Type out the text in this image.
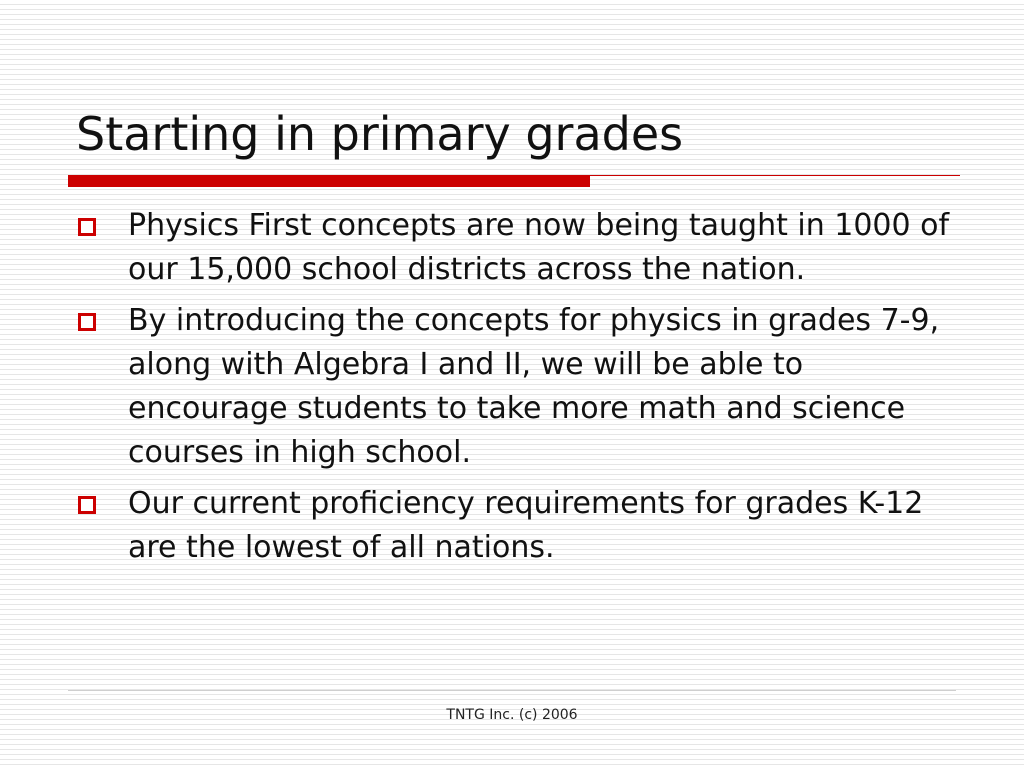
Starting in primary grades
Physics First concepts are now being taught in 1000 of our 15,000 school districts across the nation.
By introducing the concepts for physics in grades 7-9, along with Algebra I and II, we will be able to encourage students to take more math and science courses in high school.
Our current proficiency requirements for grades K-12 are the lowest of all nations.
TNTG Inc. (c) 2006
